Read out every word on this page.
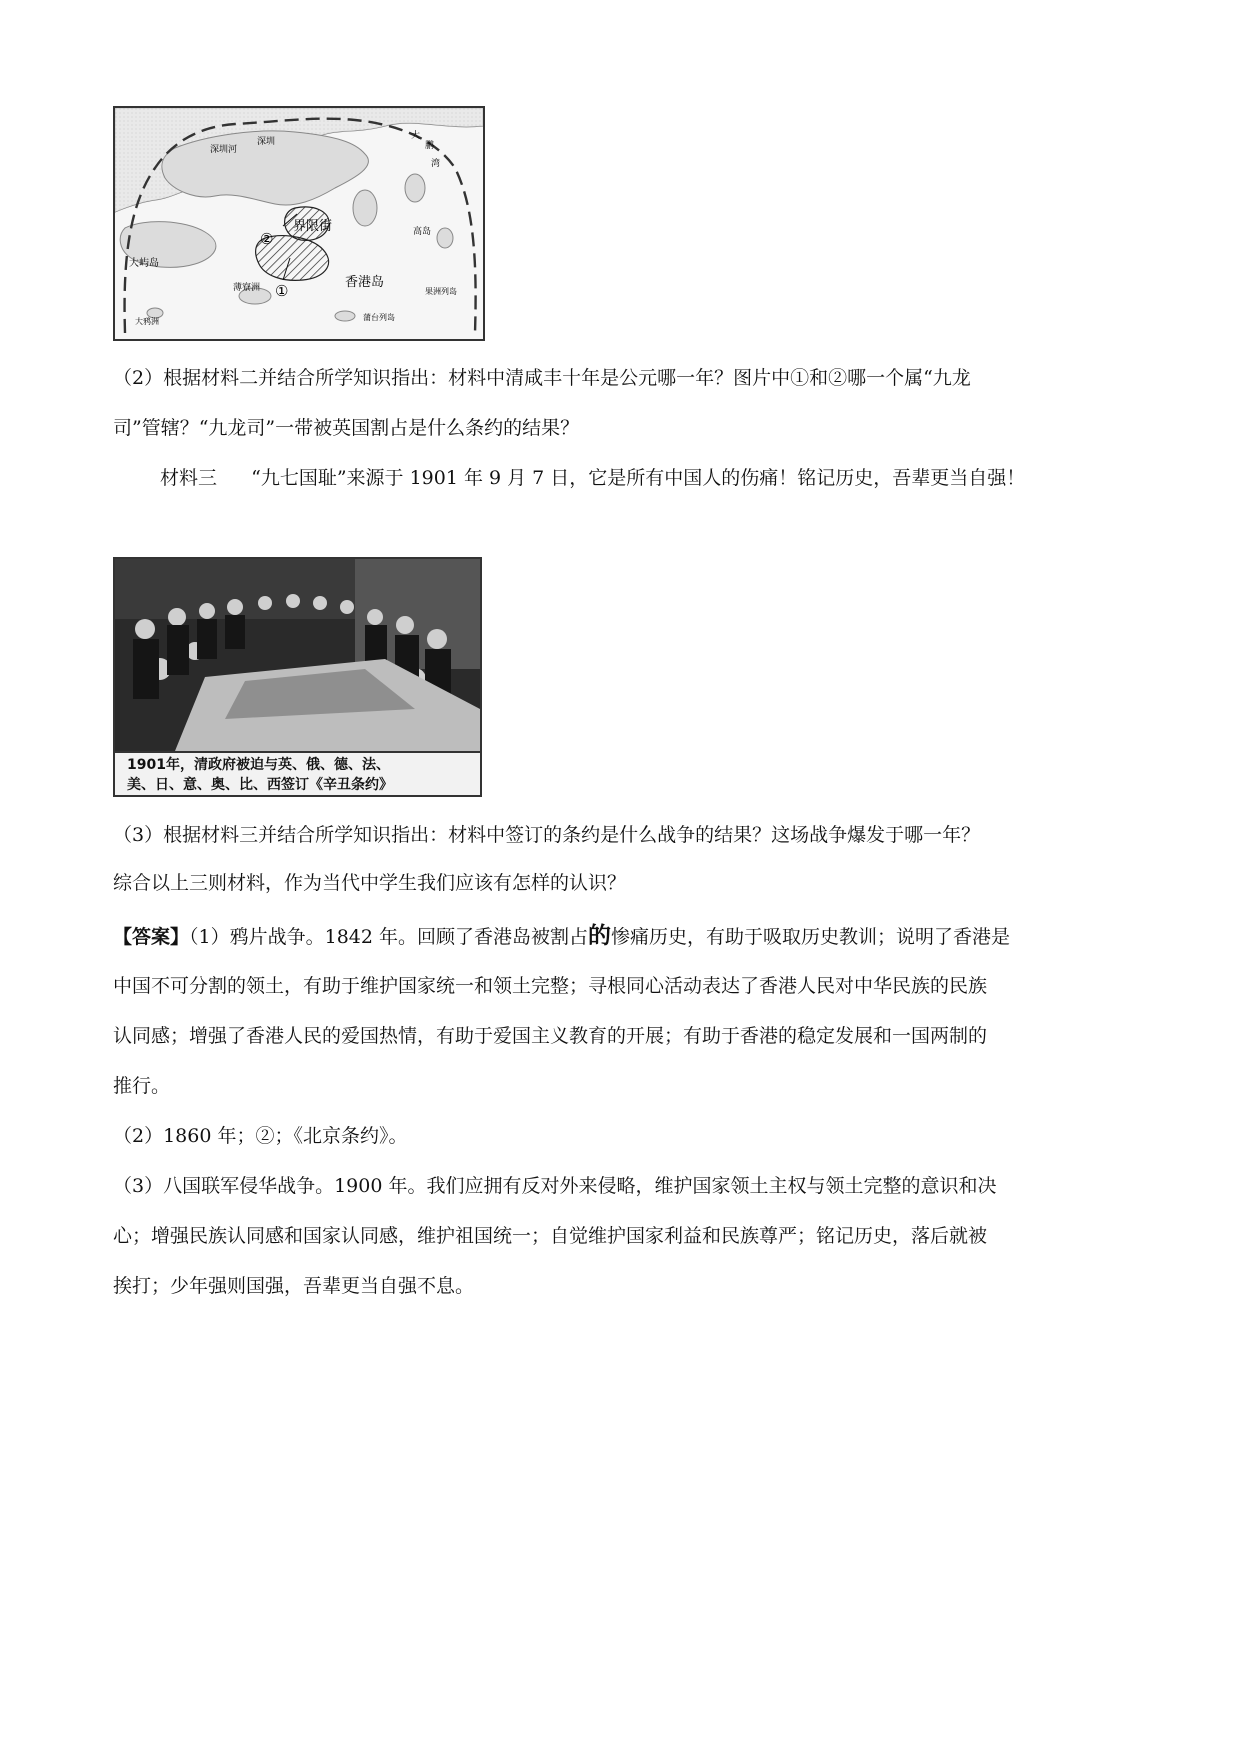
深圳
深圳河
大
鹏
湾
界限街
②
①
大屿岛
高岛
香港岛
果洲列岛
薄寮洲
大鸦洲	蒲台列岛
（2）根据材料二并结合所学知识指出：材料中清咸丰十年是公元哪一年？图片中①和②哪一个属“九龙
司”管辖？“九龙司”一带被英国割占是什么条约的结果？
材料三 “九七国耻”来源于 1901 年 9 月 7 日，它是所有中国人的伤痛！铭记历史，吾辈更当自强！
1901年，清政府被迫与英、俄、德、法、
美、日、意、奥、比、西签订《辛丑条约》
（3）根据材料三并结合所学知识指出：材料中签订的条约是什么战争的结果？这场战争爆发于哪一年？
综合以上三则材料，作为当代中学生我们应该有怎样的认识？
【答案】（1）鸦片战争。1842 年。回顾了香港岛被割占的惨痛历史，有助于吸取历史教训；说明了香港是
中国不可分割的领土，有助于维护国家统一和领土完整；寻根同心活动表达了香港人民对中华民族的民族
认同感；增强了香港人民的爱国热情，有助于爱国主义教育的开展；有助于香港的稳定发展和一国两制的
推行。
（2）1860 年；②；《北京条约》。
（3）八国联军侵华战争。1900 年。我们应拥有反对外来侵略，维护国家领土主权与领土完整的意识和决
心；增强民族认同感和国家认同感，维护祖国统一；自觉维护国家利益和民族尊严；铭记历史，落后就被
挨打；少年强则国强，吾辈更当自强不息。
